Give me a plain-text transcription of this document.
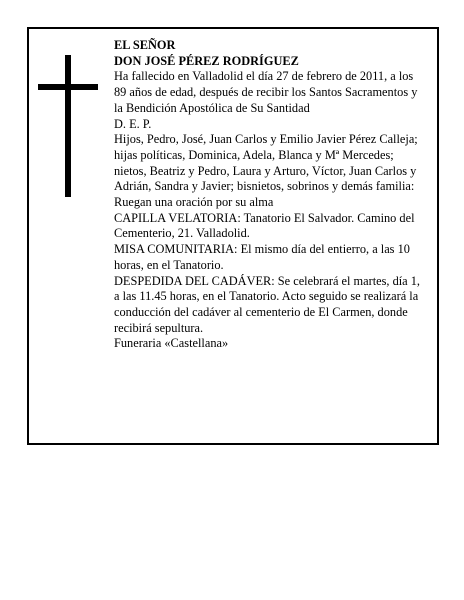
EL SEÑOR

DON JOSÉ PÉREZ RODRÍGUEZ

Ha fallecido en Valladolid el día 27 de febrero de 2011, a los 89 años de edad, después de recibir los Santos Sacramentos y la Bendición Apostólica de Su Santidad

D. E. P.

Hijos, Pedro, José, Juan Carlos y Emilio Javier Pérez Calleja; hijas políticas, Dominica, Adela, Blanca y Mª Mercedes; nietos, Beatriz y Pedro, Laura y Arturo, Víctor, Juan Carlos y Adrián, Sandra y Javier; bisnietos, sobrinos y demás familia:

Ruegan una oración por su alma

CAPILLA VELATORIA: Tanatorio El Salvador. Camino del Cementerio, 21. Valladolid.

MISA COMUNITARIA: El mismo día del entierro, a las 10 horas, en el Tanatorio.

DESPEDIDA DEL CADÁVER: Se celebrará el martes, día 1, a las 11.45 horas, en el Tanatorio. Acto seguido se realizará la conducción del cadáver al cementerio de El Carmen, donde recibirá sepultura.

Funeraria «Castellana»
